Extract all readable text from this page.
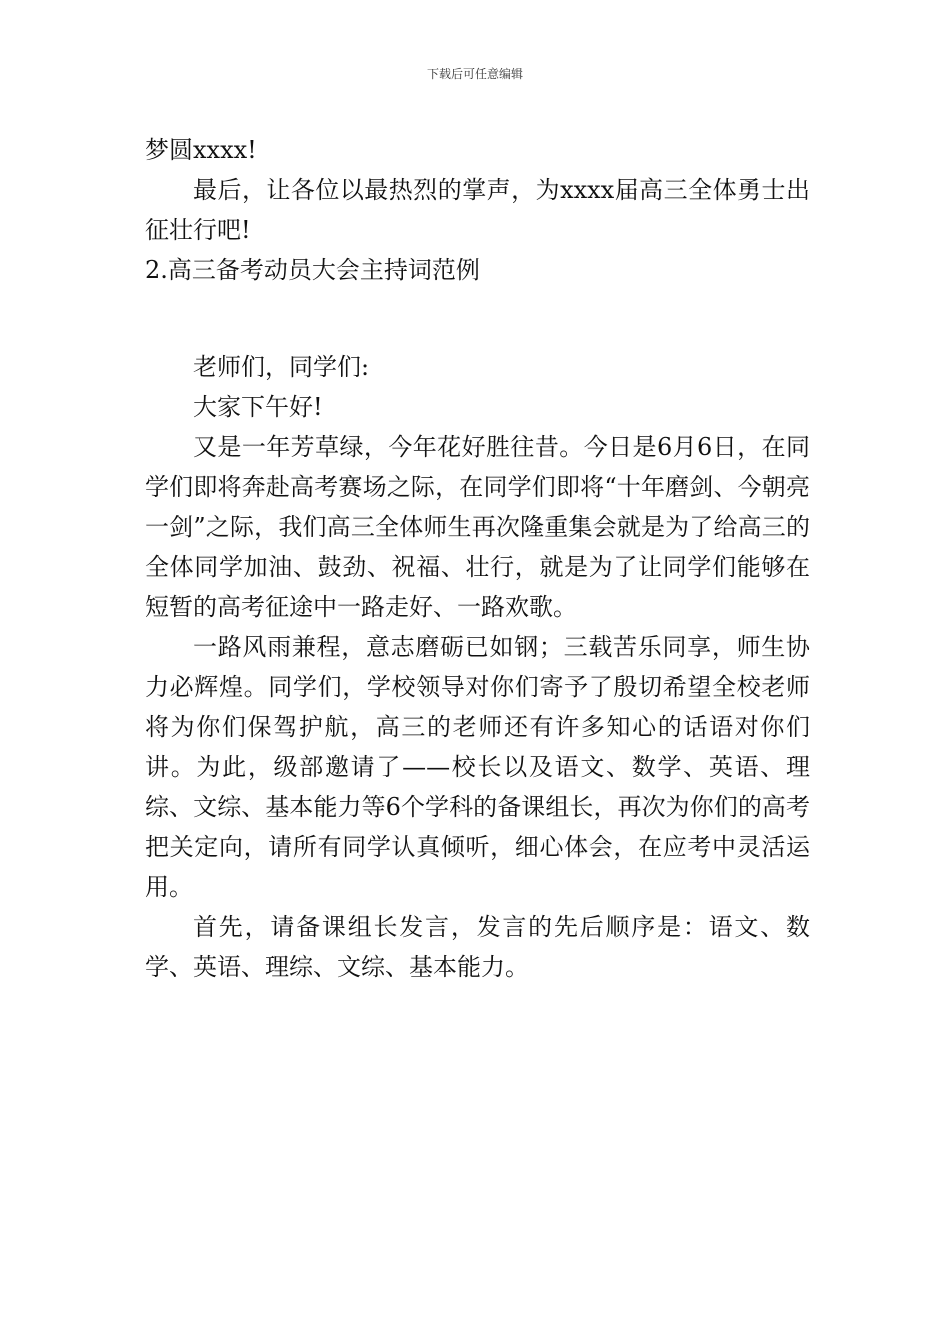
下载后可任意编辑

梦圆xxxx!

最后，让各位以最热烈的掌声，为xxxx届高三全体勇士出征壮行吧!

2.高三备考动员大会主持词范例

老师们，同学们:

大家下午好!

又是一年芳草绿，今年花好胜往昔。今日是6月6日，在同学们即将奔赴高考赛场之际，在同学们即将“十年磨剑、今朝亮一剑”之际，我们高三全体师生再次隆重集会就是为了给高三的全体同学加油、鼓劲、祝福、壮行，就是为了让同学们能够在短暂的高考征途中一路走好、一路欢歌。

一路风雨兼程，意志磨砺已如钢；三载苦乐同享，师生协力必辉煌。同学们，学校领导对你们寄予了殷切希望全校老师将为你们保驾护航，高三的老师还有许多知心的话语对你们讲。为此，级部邀请了——校长以及语文、数学、英语、理综、文综、基本能力等6个学科的备课组长，再次为你们的高考把关定向，请所有同学认真倾听，细心体会，在应考中灵活运用。

首先，请备课组长发言，发言的先后顺序是：语文、数学、英语、理综、文综、基本能力。
